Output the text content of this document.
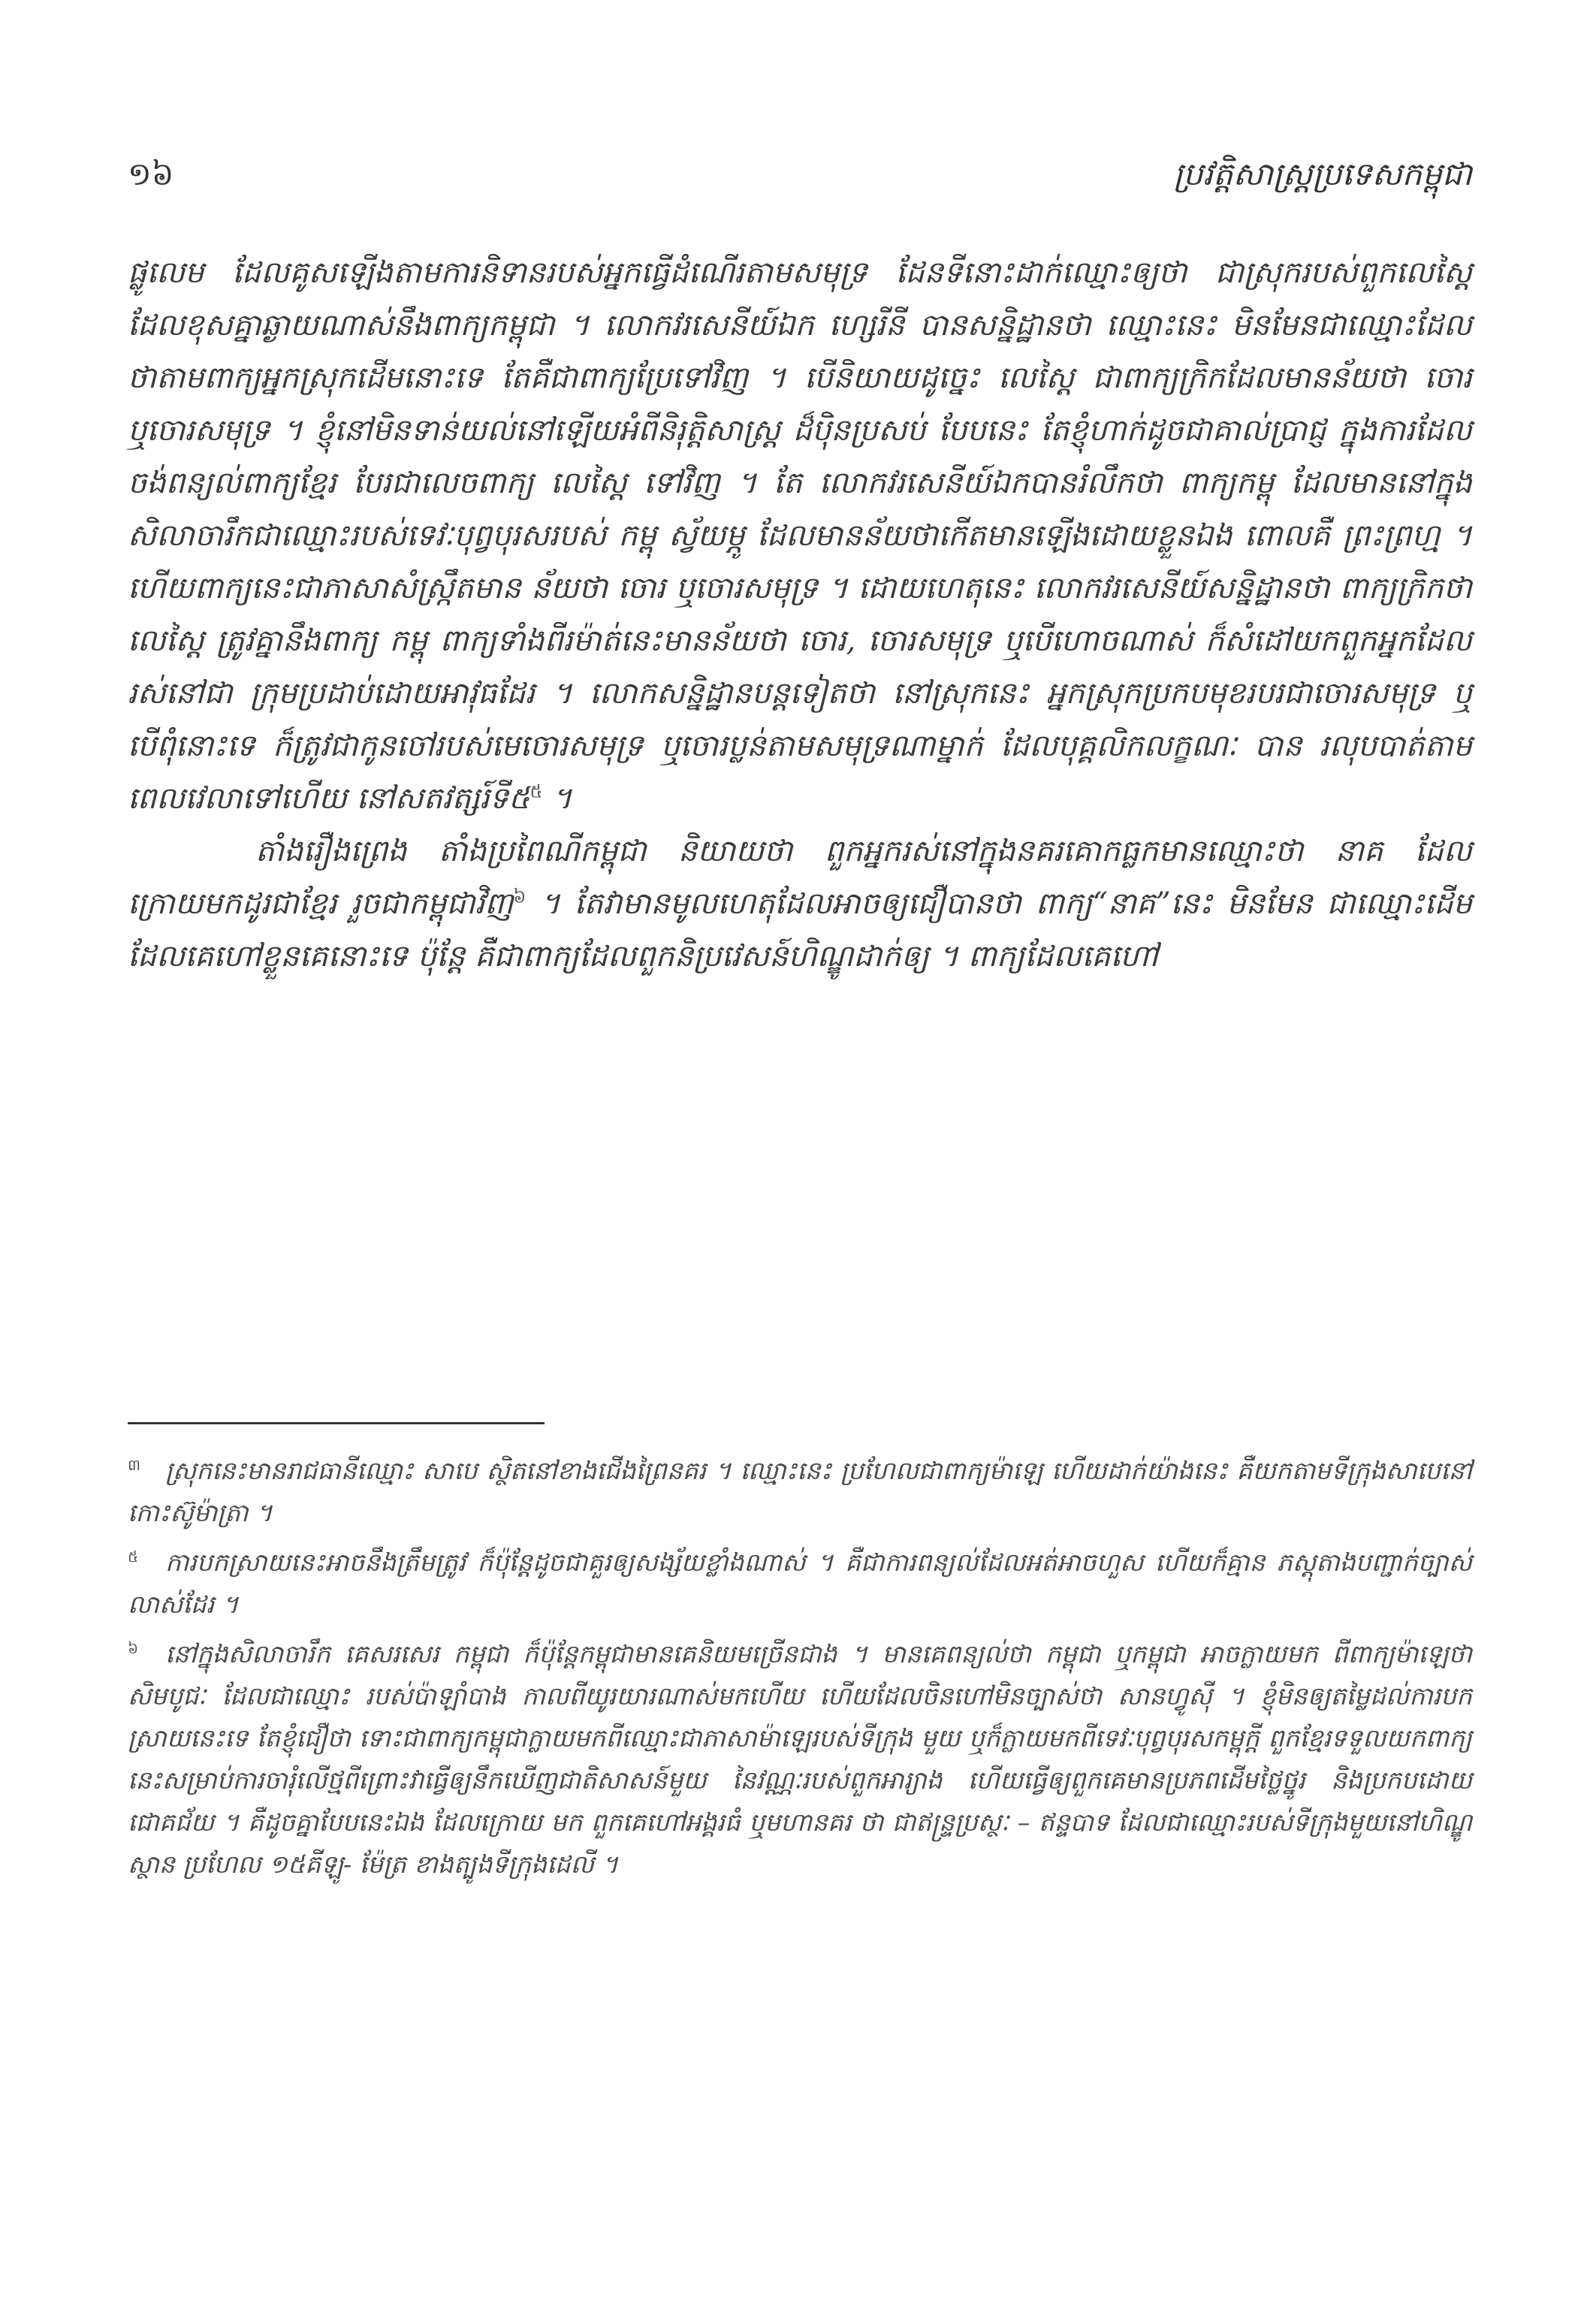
១៦	ប្រវត្តិសាស្ត្រប្រទេសកម្ពុជា

ផ្លូលេម ដែលគូសឡើងតាមការនិទានរបស់អ្នកធ្វើដំណើរតាមសមុទ្រ ដែនទីនោះដាក់ឈ្មោះឲ្យថា ជាស្រុករបស់ពួកលេស្តៃ ដែលខុសគ្នាឆ្ងាយណាស់នឹងពាក្យកម្ពុជា ។ លោកវរសេនីយ៍ឯក ហ្សេរីនី បានសន្និដ្ឋានថា ឈ្មោះនេះ មិនមែនជាឈ្មោះដែលថាតាមពាក្យអ្នកស្រុកដើមនោះទេ តែគឺជាពាក្យប្រែទៅវិញ ។ បើនិយាយដូច្នេះ លេស្តៃ ជាពាក្យក្រិកដែលមានន័យថា ចោរ ឬចោរសមុទ្រ ។ ខ្ញុំនៅមិនទាន់យល់នៅឡើយអំពីនិរុត្តិសាស្ត្រ ដ៏ប៉ិនប្រសប់ បែបនេះ តែខ្ញុំហាក់ដូចជាគាល់ប្រាជ្ញ ក្នុងការដែលចង់ពន្យល់ពាក្យខ្មែរ បែរជាលេចពាក្យ លេស្តៃ ទៅវិញ ។ តែ លោកវរសេនីយ៍ឯកបានរំលឹកថា ពាក្យកម្ពុ ដែលមាននៅក្នុងសិលាចារឹកជាឈ្មោះរបស់ទេវៈបុព្វបុរសរបស់ កម្ពុ ស្វ័យម្ភូ ដែលមានន័យថាកើតមានឡើងដោយខ្លួនឯង ពោលគឺ ព្រះព្រហ្ម ។ ហើយពាក្យនេះជាភាសាសំស្ក្រឹតមាន ន័យថា ចោរ ឬចោរសមុទ្រ ។ ដោយហេតុនេះ លោកវរសេនីយ៍សន្និដ្ឋានថា ពាក្យក្រិកថា លេស្តៃ ត្រូវគ្នានឹងពាក្យ កម្ពុ ពាក្យទាំងពីរម៉ាត់នេះមានន័យថា ចោរ, ចោរសមុទ្រ ឬបើហោចណាស់ ក៏សំដៅយកពួកអ្នកដែលរស់នៅជា ក្រុមប្រដាប់ដោយអាវុធដែរ ។ លោកសន្និដ្ឋានបន្តទៀតថា នៅស្រុកនេះ អ្នកស្រុកប្រកបមុខរបរជាចោរសមុទ្រ ឬបើពុំនោះទេ ក៏ត្រូវជាកូនចៅរបស់មេចោរសមុទ្រ ឬចោរប្លន់តាមសមុទ្រណាម្នាក់ ដែលបុគ្គលិកលក្ខណៈ បាន រលុបបាត់តាមពេលវេលាទៅហើយ នៅសតវត្សរ៍ទី៥$^៥$ ។

តាំងរឿងព្រេង តាំងប្រពៃណីកម្ពុជា និយាយថា ពួកអ្នករស់នៅក្នុងនគរគោកធ្លកមានឈ្មោះថា នាគ ដែល ក្រោយមកដូរជាខ្មែរ រួចជាកម្ពុជាវិញ$^៦$ ។ តែវាមានមូលហេតុដែលអាចឲ្យជឿបានថា ពាក្យ“នាគ”នេះ មិនមែន ជាឈ្មោះដើមដែលគេហៅខ្លួនគេនោះទេ ប៉ុន្តែ គឺជាពាក្យដែលពួកនិប្រវេសន៍ហិណ្ឌូដាក់ឲ្យ ។ ពាក្យដែលគេហៅ

៣ ស្រុកនេះមានរាជធានីឈ្មោះ សាបេ ស្ថិតនៅខាងជើងព្រៃនគរ ។ ឈ្មោះនេះ ប្រហែលជាពាក្យម៉ាឡេ ហើយដាក់យ៉ាងនេះ គឺយកតាមទីក្រុងសាបេនៅកោះស៊ូម៉ាត្រា ។

៥ ការបកស្រាយនេះអាចនឹងត្រឹមត្រូវ ក៏ប៉ុន្តែដូចជាគួរឲ្យសង្ស័យខ្លាំងណាស់ ។ គឺជាការពន្យល់ដែលអត់អាចហួស ហើយក៏គ្មាន ភស្តុតាងបញ្ជាក់ច្បាស់លាស់ដែរ ។

៦ នៅក្នុងសិលាចារឹក គេសរសេរ កម្ពុជា ក៏ប៉ុន្តែកម្ពុជាមានគេនិយមច្រើនជាង ។ មានគេពន្យល់ថា កម្ពុជា ឬកម្ពុជា អាចក្លាយមក ពីពាក្យម៉ាឡេថា សិមបូជៈ ដែលជាឈ្មោះ របស់ប៉ាឡាំបាង កាលពីយូរយារណាស់មកហើយ ហើយដែលចិនហៅមិនច្បាស់ថា សានហ្វូស៊ី ។ ខ្ញុំមិនឲ្យតម្លៃដល់ការបកស្រាយនេះទេ តែខ្ញុំជឿថា ទោះជាពាក្យកម្ពុជាក្លាយមកពីឈ្មោះជាភាសាម៉ាឡេរបស់ទីក្រុង មួយ ឬក៏ក្លាយមកពីទេវៈបុព្វបុរសកម្ពុក្តី ពួកខ្មែរទទួលយកពាក្យនេះសម្រាប់ការចារុំលើថ្មពីព្រោះវាធ្វើឲ្យនឹកឃើញជាតិសាសន៍មួយ នៃវណ្ណៈរបស់ពួកអារ្យាង ហើយធ្វើឲ្យពួកគេមានប្រភពដើមថ្លៃថ្នូរ និងប្រកបដោយជោគជ័យ ។ គឺដូចគ្នាបែបនេះឯង ដែលក្រោយ មក ពួកគេហៅអង្គរធំ ឬមហានគរ ថា ជាឥន្ទ្រប្រស្ថៈ – ឥន្ទបាទ ដែលជាឈ្មោះរបស់ទីក្រុងមួយនៅហិណ្ឌូស្ថាន ប្រហែល ១៥គីឡូ- ម៉ែត្រ ខាងត្បូងទីក្រុងដេលី ។
